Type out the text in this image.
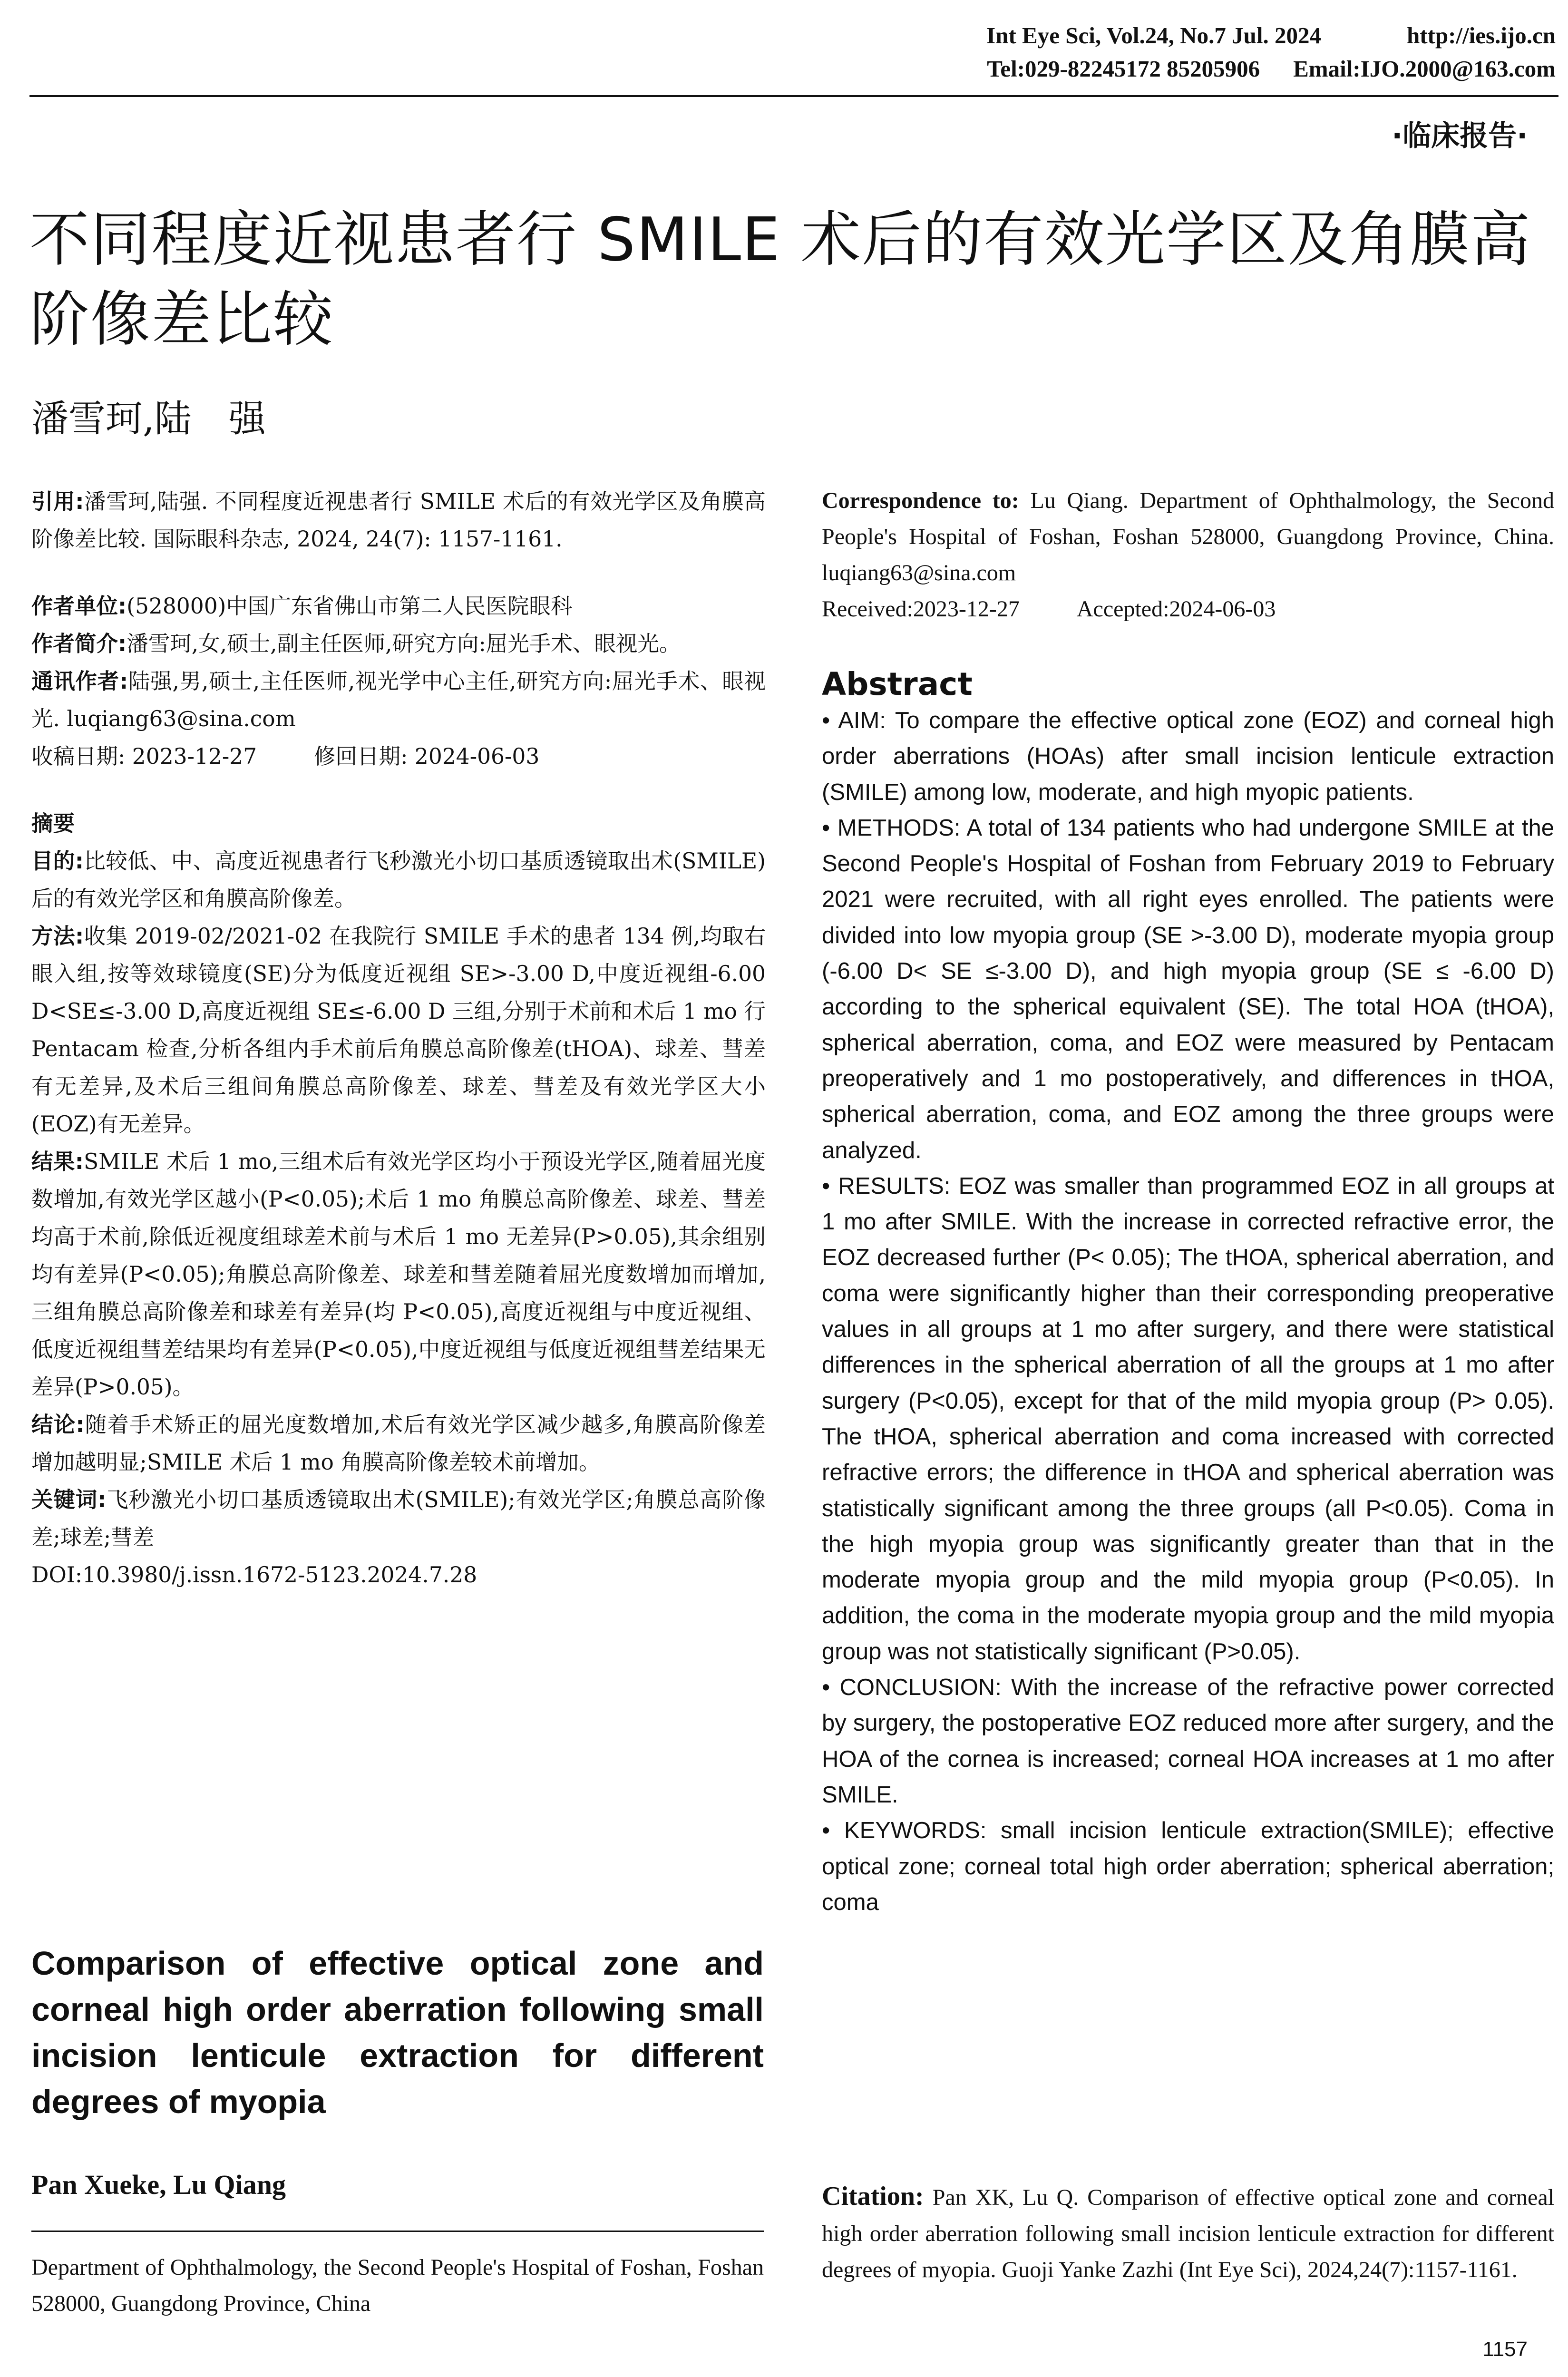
Int Eye Sci, Vol.24, No.7 Jul. 2024	http://ies.ijo.cn
Tel:029-82245172 85205906 Email:IJO.2000@163.com
·临床报告·
不同程度近视患者行 SMILE 术后的有效光学区及角膜高阶像差比较
潘雪珂,陆　强
引用:潘雪珂,陆强. 不同程度近视患者行 SMILE 术后的有效光学区及角膜高阶像差比较. 国际眼科杂志, 2024, 24(7): 1157-1161.
作者单位:(528000)中国广东省佛山市第二人民医院眼科
作者简介:潘雪珂,女,硕士,副主任医师,研究方向:屈光手术、眼视光。
通讯作者:陆强,男,硕士,主任医师,视光学中心主任,研究方向:屈光手术、眼视光. luqiang63@sina.com
收稿日期: 2023-12-27	修回日期: 2024-06-03
摘要
目的:比较低、中、高度近视患者行飞秒激光小切口基质透镜取出术(SMILE)后的有效光学区和角膜高阶像差。
方法:收集 2019-02/2021-02 在我院行 SMILE 手术的患者 134 例,均取右眼入组,按等效球镜度(SE)分为低度近视组 SE>-3.00 D,中度近视组-6.00 D<SE≤-3.00 D,高度近视组 SE≤-6.00 D 三组,分别于术前和术后 1 mo 行 Pentacam 检查,分析各组内手术前后角膜总高阶像差(tHOA)、球差、彗差有无差异,及术后三组间角膜总高阶像差、球差、彗差及有效光学区大小(EOZ)有无差异。
结果:SMILE 术后 1 mo,三组术后有效光学区均小于预设光学区,随着屈光度数增加,有效光学区越小(P<0.05);术后 1 mo 角膜总高阶像差、球差、彗差均高于术前,除低近视度组球差术前与术后 1 mo 无差异(P>0.05),其余组别均有差异(P<0.05);角膜总高阶像差、球差和彗差随着屈光度数增加而增加,三组角膜总高阶像差和球差有差异(均 P<0.05),高度近视组与中度近视组、低度近视组彗差结果均有差异(P<0.05),中度近视组与低度近视组彗差结果无差异(P>0.05)。
结论:随着手术矫正的屈光度数增加,术后有效光学区减少越多,角膜高阶像差增加越明显;SMILE 术后 1 mo 角膜高阶像差较术前增加。
关键词:飞秒激光小切口基质透镜取出术(SMILE);有效光学区;角膜总高阶像差;球差;彗差
DOI:10.3980/j.issn.1672-5123.2024.7.28
Comparison of effective optical zone and corneal high order aberration following small incision lenticule extraction for different degrees of myopia
Pan Xueke, Lu Qiang
Department of Ophthalmology, the Second People's Hospital of Foshan, Foshan 528000, Guangdong Province, China
Correspondence to: Lu Qiang. Department of Ophthalmology, the Second People's Hospital of Foshan, Foshan 528000, Guangdong Province, China. luqiang63@sina.com
Received:2023-12-27	Accepted:2024-06-03
Abstract

• AIM: To compare the effective optical zone (EOZ) and corneal high order aberrations (HOAs) after small incision lenticule extraction (SMILE) among low, moderate, and high myopic patients.

• METHODS: A total of 134 patients who had undergone SMILE at the Second People's Hospital of Foshan from February 2019 to February 2021 were recruited, with all right eyes enrolled. The patients were divided into low myopia group (SE >-3.00 D), moderate myopia group (-6.00 D< SE ≤-3.00 D), and high myopia group (SE ≤ -6.00 D) according to the spherical equivalent (SE). The total HOA (tHOA), spherical aberration, coma, and EOZ were measured by Pentacam preoperatively and 1 mo postoperatively, and differences in tHOA, spherical aberration, coma, and EOZ among the three groups were analyzed.

• RESULTS: EOZ was smaller than programmed EOZ in all groups at 1 mo after SMILE. With the increase in corrected refractive error, the EOZ decreased further (P< 0.05); The tHOA, spherical aberration, and coma were significantly higher than their corresponding preoperative values in all groups at 1 mo after surgery, and there were statistical differences in the spherical aberration of all the groups at 1 mo after surgery (P<0.05), except for that of the mild myopia group (P> 0.05). The tHOA, spherical aberration and coma increased with corrected refractive errors; the difference in tHOA and spherical aberration was statistically significant among the three groups (all P<0.05). Coma in the high myopia group was significantly greater than that in the moderate myopia group and the mild myopia group (P<0.05). In addition, the coma in the moderate myopia group and the mild myopia group was not statistically significant (P>0.05).

• CONCLUSION: With the increase of the refractive power corrected by surgery, the postoperative EOZ reduced more after surgery, and the HOA of the cornea is increased; corneal HOA increases at 1 mo after SMILE.

• KEYWORDS: small incision lenticule extraction(SMILE); effective optical zone; corneal total high order aberration; spherical aberration; coma

Citation: Pan XK, Lu Q. Comparison of effective optical zone and corneal high order aberration following small incision lenticule extraction for different degrees of myopia. Guoji Yanke Zazhi (Int Eye Sci), 2024,24(7):1157-1161.
1157
